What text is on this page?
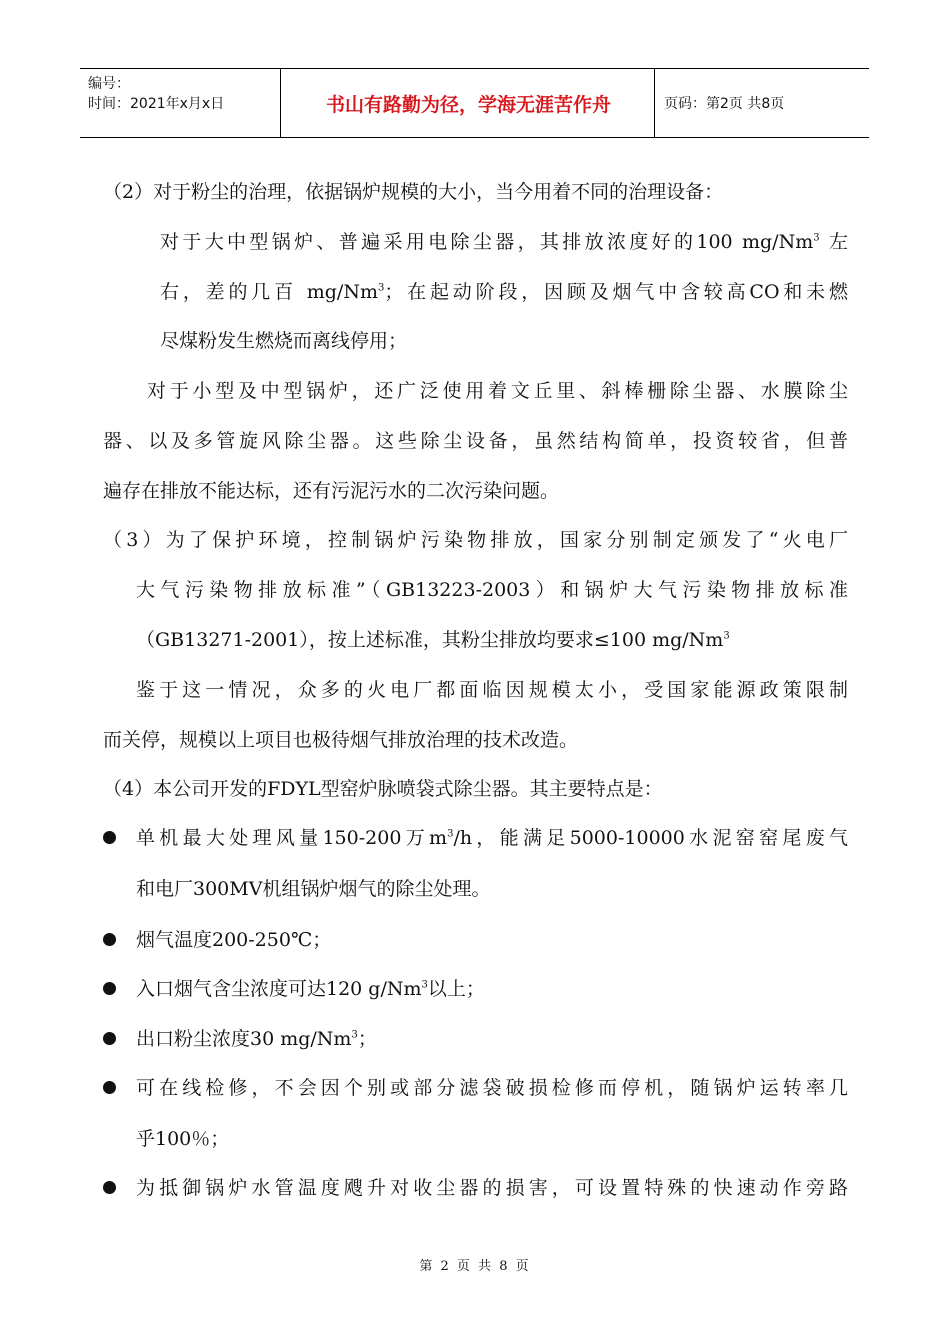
编号：
时间：2021年x月x日	书山有路勤为径，学海无涯苦作舟	页码：第2页 共8页
（2）对于粉尘的治理，依据锅炉规模的大小，当今用着不同的治理设备：
对于大中型锅炉、普遍采用电除尘器，其排放浓度好的100 mg/Nm$^3$ 左
右，差的几百 mg/Nm$^3$；在起动阶段，因顾及烟气中含较高CO和未燃
尽煤粉发生燃烧而离线停用；
对于小型及中型锅炉，还广泛使用着文丘里、斜棒栅除尘器、水膜除尘
器、以及多管旋风除尘器。这些除尘设备，虽然结构简单，投资较省，但普
遍存在排放不能达标，还有污泥污水的二次污染问题。
（3）为了保护环境，控制锅炉污染物排放，国家分别制定颁发了“火电厂
大气污染物排放标准”（GB13223-2003）和锅炉大气污染物排放标准
（GB13271-2001），按上述标准，其粉尘排放均要求≤100 mg/Nm$^3$
鉴于这一情况，众多的火电厂都面临因规模太小，受国家能源政策限制
而关停，规模以上项目也极待烟气排放治理的技术改造。
（4）本公司开发的FDYL型窑炉脉喷袋式除尘器。其主要特点是：
单机最大处理风量150-200万$m^3/h$，能满足5000-10000水泥窑窑尾废气
和电厂300MV机组锅炉烟气的除尘处理。
烟气温度200-250℃；
入口烟气含尘浓度可达120 g/Nm$^3$以上；
出口粉尘浓度30 mg/Nm$^3$；
可在线检修，不会因个别或部分滤袋破损检修而停机，随锅炉运转率几
乎100％；
为抵御锅炉水管温度飕升对收尘器的损害，可设置特殊的快速动作旁路
第 2 页 共 8 页
